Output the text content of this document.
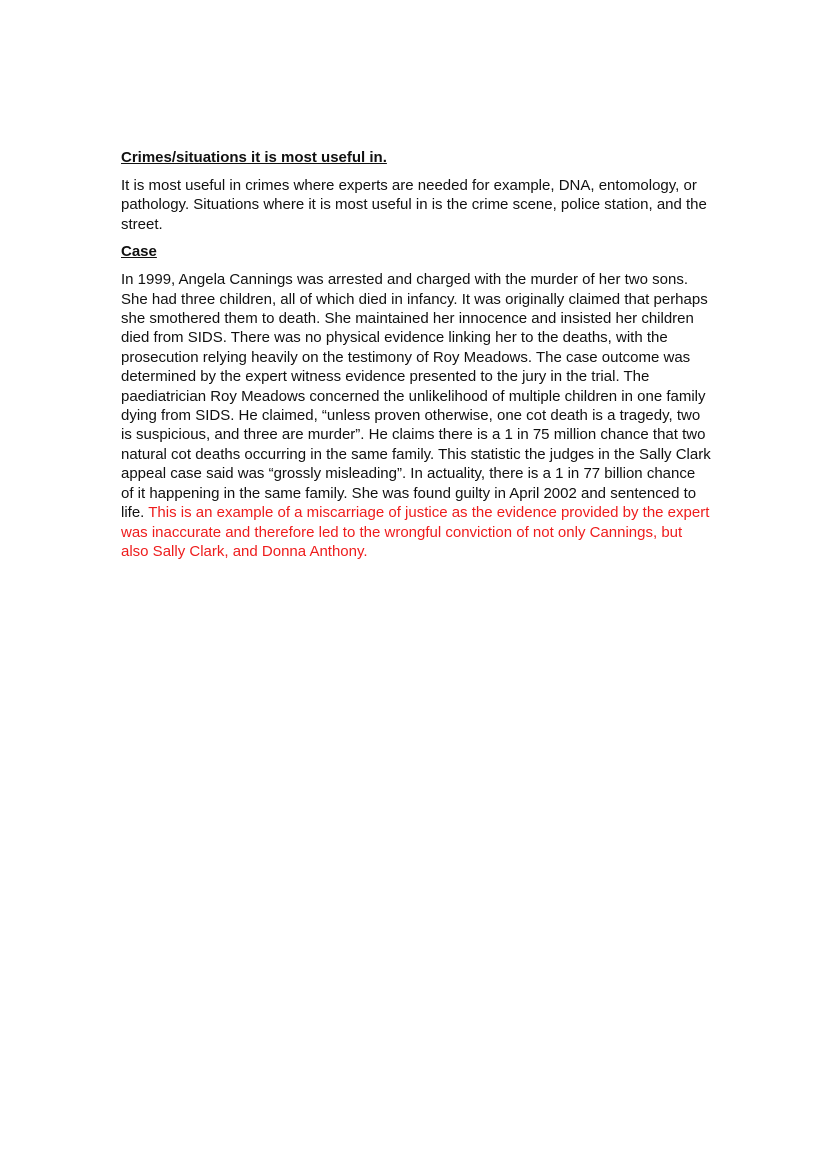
Crimes/situations it is most useful in.

It is most useful in crimes where experts are needed for example, DNA, entomology, or pathology. Situations where it is most useful in is the crime scene, police station, and the street.

Case

In 1999, Angela Cannings was arrested and charged with the murder of her two sons. She had three children, all of which died in infancy. It was originally claimed that perhaps she smothered them to death. She maintained her innocence and insisted her children died from SIDS. There was no physical evidence linking her to the deaths, with the prosecution relying heavily on the testimony of Roy Meadows. The case outcome was determined by the expert witness evidence presented to the jury in the trial. The paediatrician Roy Meadows concerned the unlikelihood of multiple children in one family dying from SIDS. He claimed, “unless proven otherwise, one cot death is a tragedy, two is suspicious, and three are murder”. He claims there is a 1 in 75 million chance that two natural cot deaths occurring in the same family. This statistic the judges in the Sally Clark appeal case said was “grossly misleading”. In actuality, there is a 1 in 77 billion chance of it happening in the same family. She was found guilty in April 2002 and sentenced to life. This is an example of a miscarriage of justice as the evidence provided by the expert was inaccurate and therefore led to the wrongful conviction of not only Cannings, but also Sally Clark, and Donna Anthony.
